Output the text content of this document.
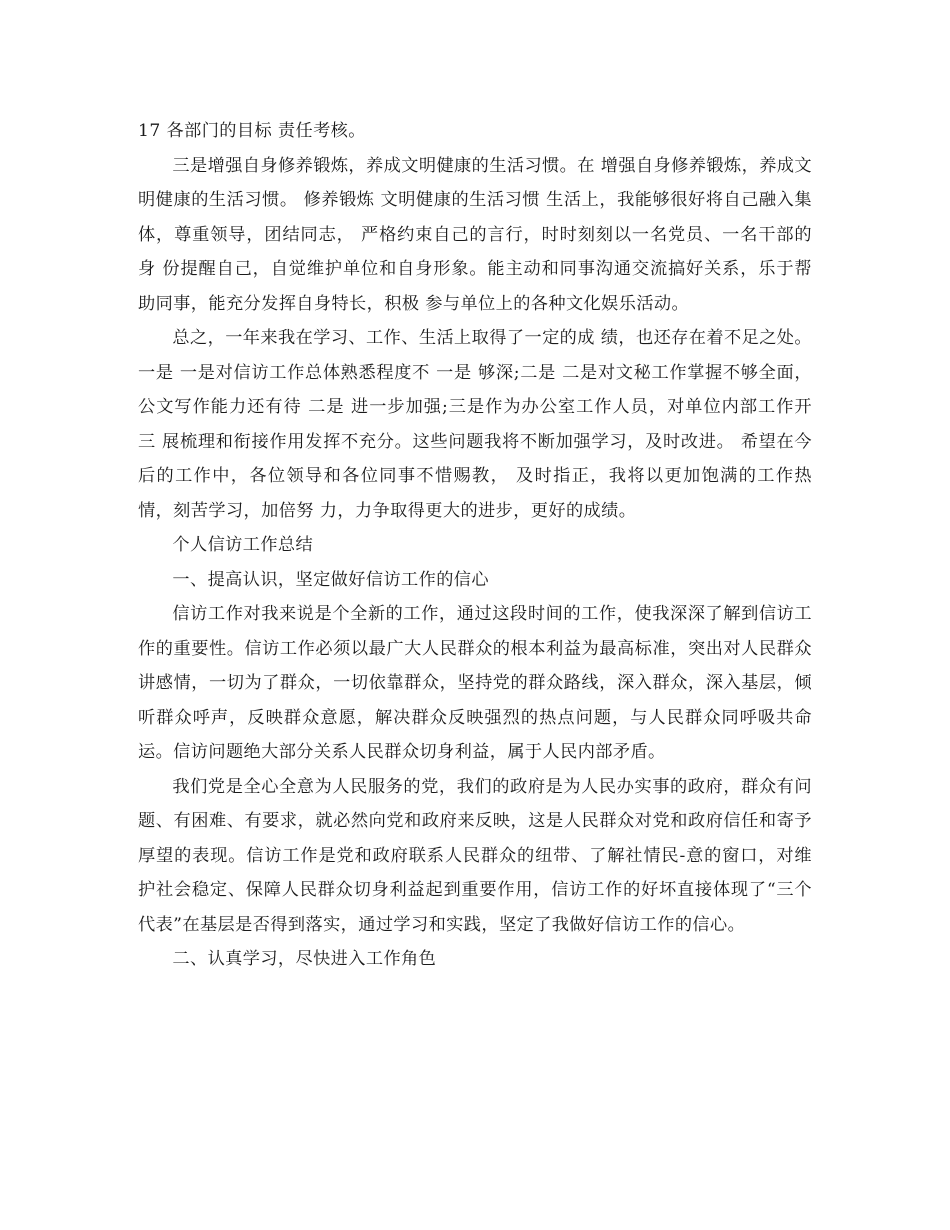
17 各部门的目标 责任考核。

三是增强自身修养锻炼，养成文明健康的生活习惯。在 增强自身修养锻炼，养成文明健康的生活习惯。 修养锻炼 文明健康的生活习惯 生活上，我能够很好将自己融入集体，尊重领导，团结同志， 严格约束自己的言行，时时刻刻以一名党员、一名干部的身 份提醒自己，自觉维护单位和自身形象。能主动和同事沟通交流搞好关系，乐于帮助同事，能充分发挥自身特长，积极 参与单位上的各种文化娱乐活动。

总之，一年来我在学习、工作、生活上取得了一定的成 绩，也还存在着不足之处。一是 一是对信访工作总体熟悉程度不 一是 够深;二是 二是对文秘工作掌握不够全面，公文写作能力还有待 二是 进一步加强;三是作为办公室工作人员，对单位内部工作开 三 展梳理和衔接作用发挥不充分。这些问题我将不断加强学习，及时改进。 希望在今后的工作中，各位领导和各位同事不惜赐教， 及时指正，我将以更加饱满的工作热情，刻苦学习，加倍努 力，力争取得更大的进步，更好的成绩。

个人信访工作总结

一、提高认识，坚定做好信访工作的信心

信访工作对我来说是个全新的工作，通过这段时间的工作，使我深深了解到信访工作的重要性。信访工作必须以最广大人民群众的根本利益为最高标准，突出对人民群众讲感情，一切为了群众，一切依靠群众，坚持党的群众路线，深入群众，深入基层，倾听群众呼声，反映群众意愿，解决群众反映强烈的热点问题，与人民群众同呼吸共命运。信访问题绝大部分关系人民群众切身利益，属于人民内部矛盾。

我们党是全心全意为人民服务的党，我们的政府是为人民办实事的政府，群众有问题、有困难、有要求，就必然向党和政府来反映，这是人民群众对党和政府信任和寄予厚望的表现。信访工作是党和政府联系人民群众的纽带、了解社情民-意的窗口，对维护社会稳定、保障人民群众切身利益起到重要作用，信访工作的好坏直接体现了“三个代表”在基层是否得到落实，通过学习和实践，坚定了我做好信访工作的信心。

二、认真学习，尽快进入工作角色
